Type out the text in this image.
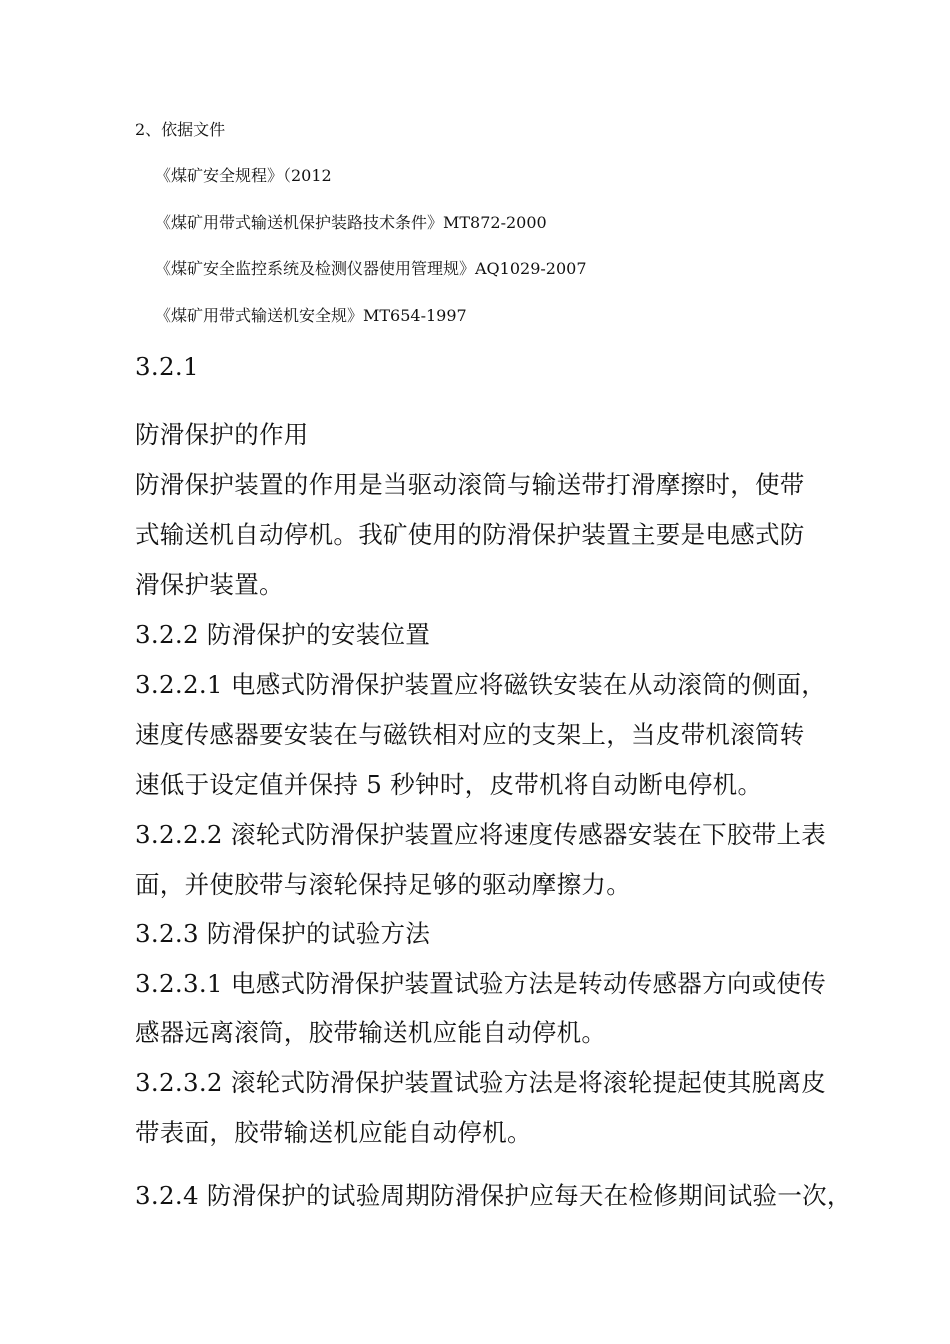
2、依据文件

《煤矿安全规程》（2012

《煤矿用带式输送机保护装路技术条件》MT872-2000

《煤矿安全监控系统及检测仪器使用管理规》AQ1029-2007

《煤矿用带式输送机安全规》MT654-1997

3.2.1

防滑保护的作用

防滑保护装置的作用是当驱动滚筒与输送带打滑摩擦时，使带

式输送机自动停机。我矿使用的防滑保护装置主要是电感式防

滑保护装置。

3.2.2 防滑保护的安装位置

3.2.2.1 电感式防滑保护装置应将磁铁安装在从动滚筒的侧面，

速度传感器要安装在与磁铁相对应的支架上，当皮带机滚筒转

速低于设定值并保持 5 秒钟时，皮带机将自动断电停机。

3.2.2.2 滚轮式防滑保护装置应将速度传感器安装在下胶带上表

面，并使胶带与滚轮保持足够的驱动摩擦力。

3.2.3 防滑保护的试验方法

3.2.3.1 电感式防滑保护装置试验方法是转动传感器方向或使传

感器远离滚筒，胶带输送机应能自动停机。

3.2.3.2 滚轮式防滑保护装置试验方法是将滚轮提起使其脱离皮

带表面，胶带输送机应能自动停机。

3.2.4 防滑保护的试验周期防滑保护应每天在检修期间试验一次，
